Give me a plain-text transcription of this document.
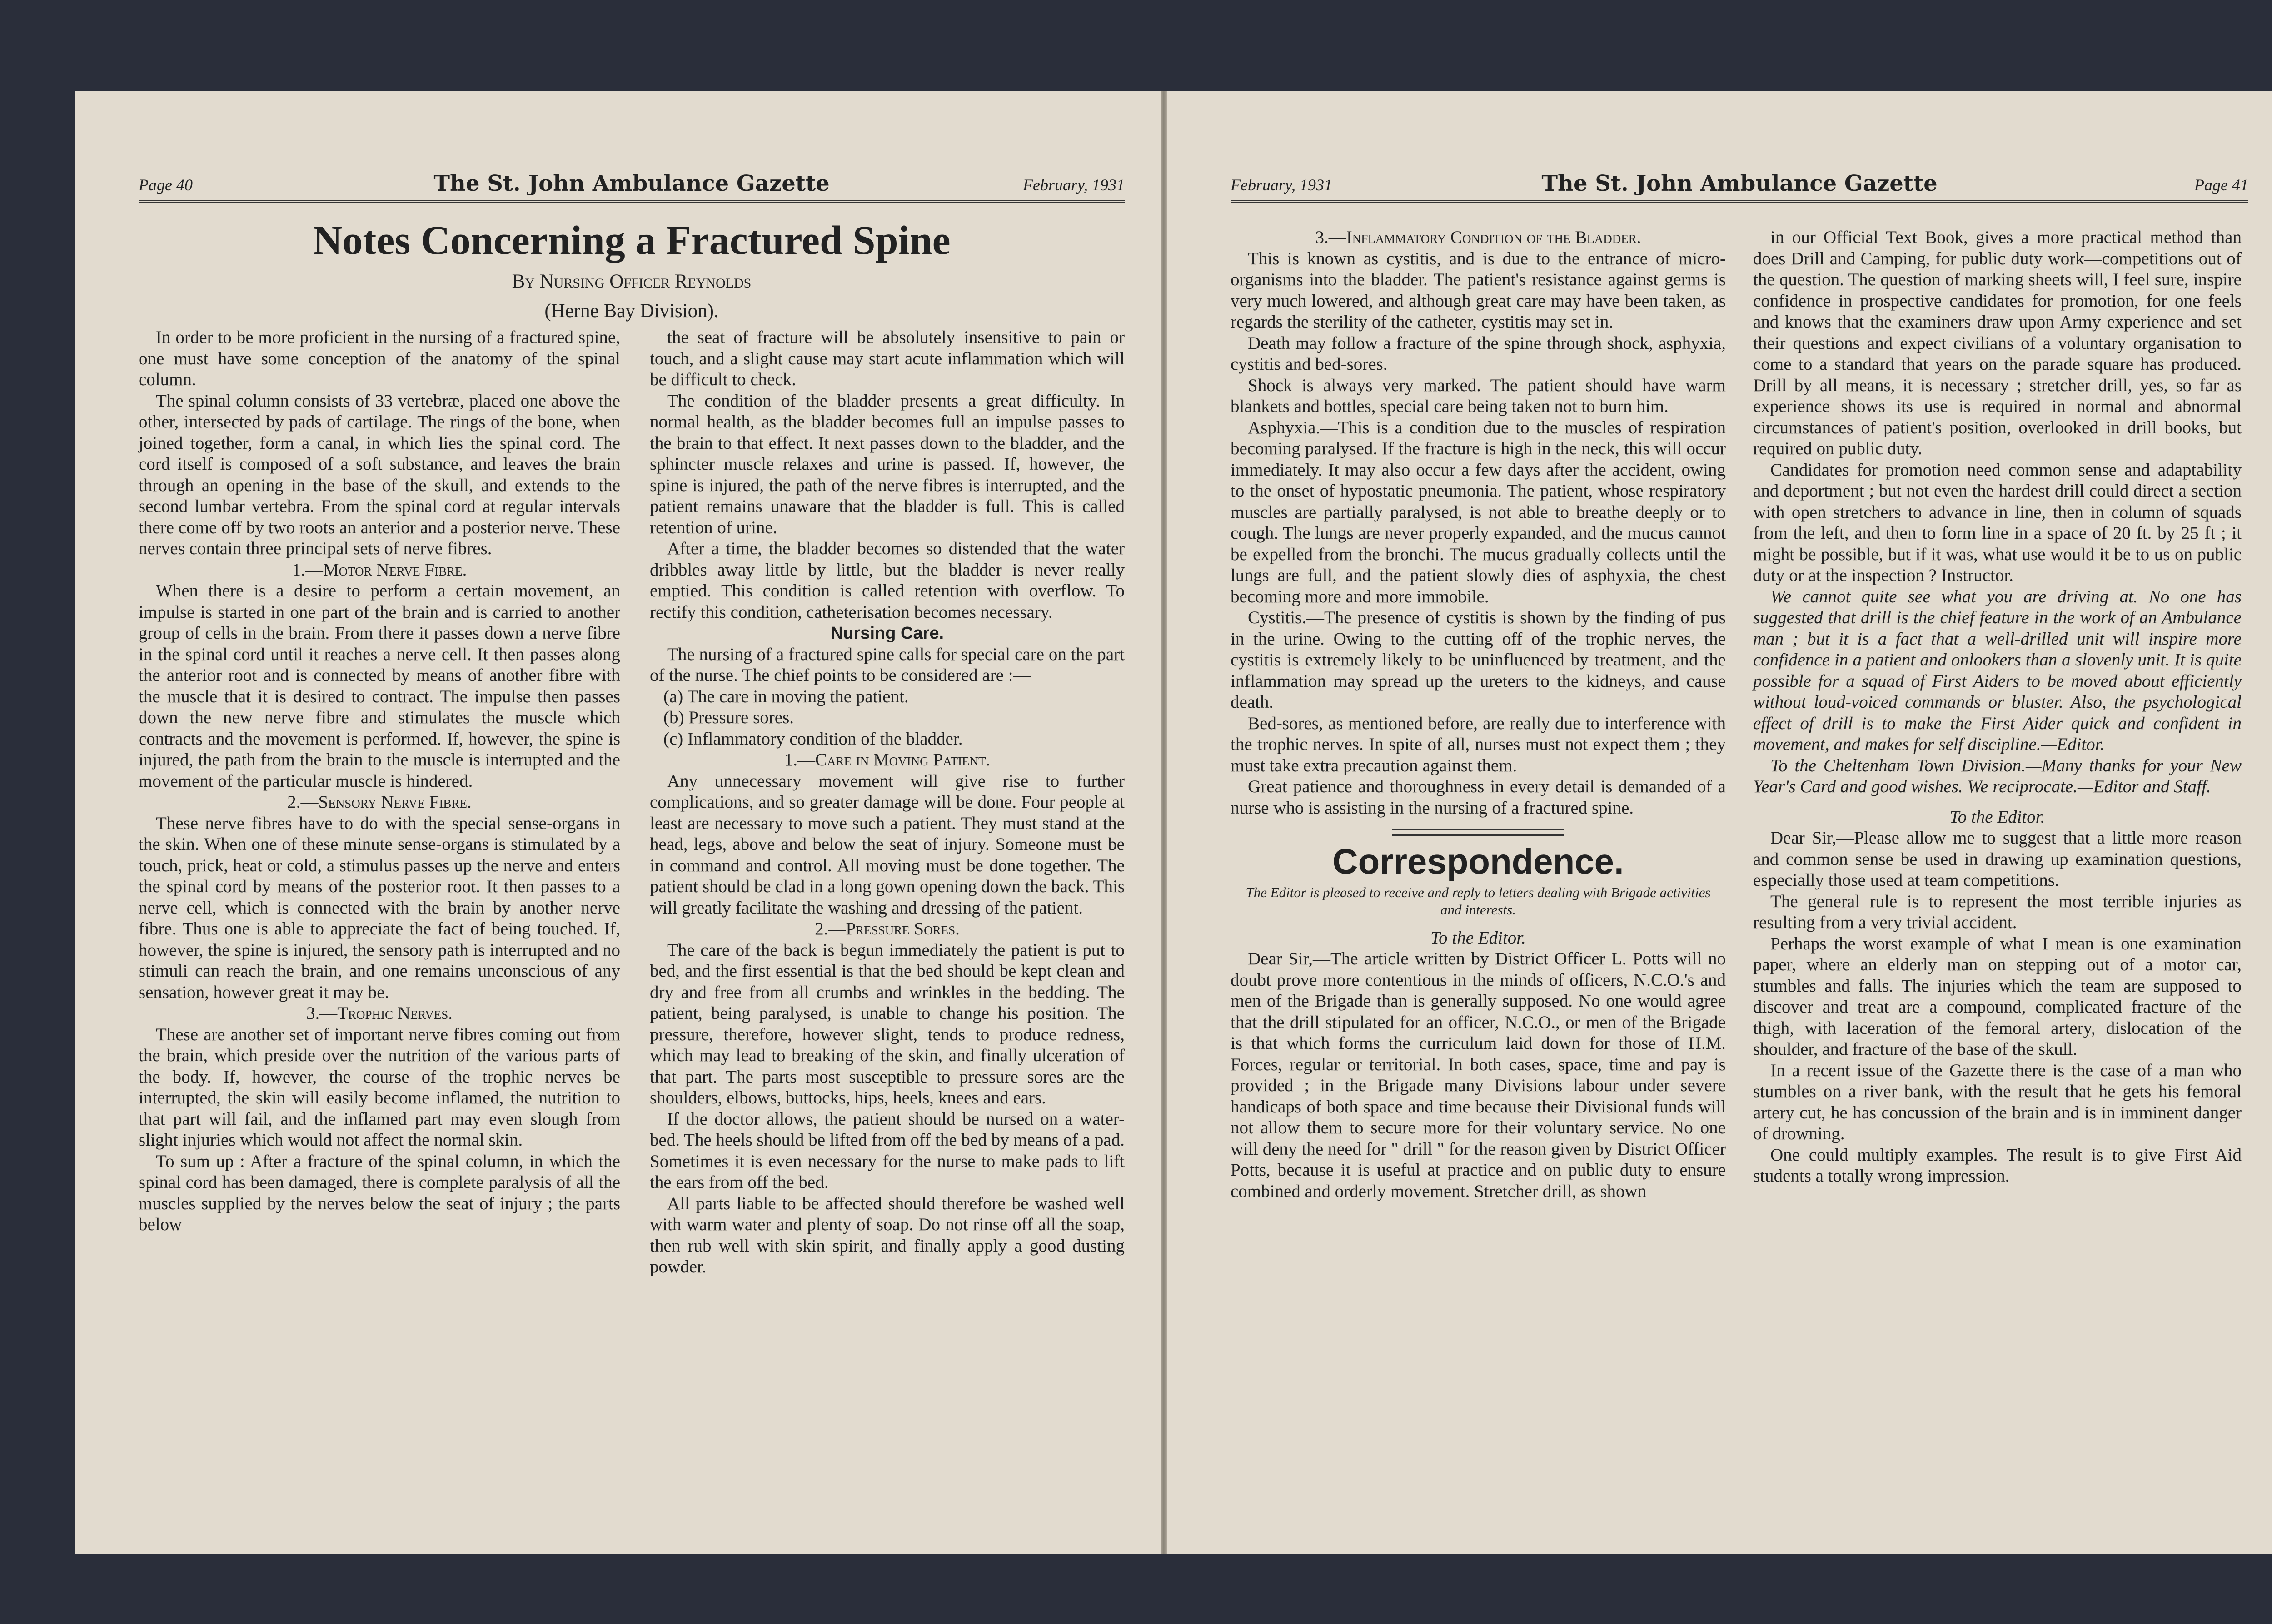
Page 40	The St. John Ambulance Gazette	February, 1931
Notes Concerning a Fractured Spine
By Nursing Officer Reynolds
(Herne Bay Division).

In order to be more proficient in the nursing of a fractured spine, one must have some conception of the anatomy of the spinal column.

The spinal column consists of 33 vertebræ, placed one above the other, intersected by pads of cartilage. The rings of the bone, when joined together, form a canal, in which lies the spinal cord. The cord itself is composed of a soft substance, and leaves the brain through an opening in the base of the skull, and extends to the second lumbar vertebra. From the spinal cord at regular intervals there come off by two roots an anterior and a posterior nerve. These nerves contain three principal sets of nerve fibres.

1.—Motor Nerve Fibre.

When there is a desire to perform a certain movement, an impulse is started in one part of the brain and is carried to another group of cells in the brain. From there it passes down a nerve fibre in the spinal cord until it reaches a nerve cell. It then passes along the anterior root and is connected by means of another fibre with the muscle that it is desired to contract. The impulse then passes down the new nerve fibre and stimulates the muscle which contracts and the movement is performed. If, however, the spine is injured, the path from the brain to the muscle is interrupted and the movement of the particular muscle is hindered.

2.—Sensory Nerve Fibre.

These nerve fibres have to do with the special sense-organs in the skin. When one of these minute sense-organs is stimulated by a touch, prick, heat or cold, a stimulus passes up the nerve and enters the spinal cord by means of the posterior root. It then passes to a nerve cell, which is connected with the brain by another nerve fibre. Thus one is able to appreciate the fact of being touched. If, however, the spine is injured, the sensory path is interrupted and no stimuli can reach the brain, and one remains unconscious of any sensation, however great it may be.

3.—Trophic Nerves.

These are another set of important nerve fibres coming out from the brain, which preside over the nutrition of the various parts of the body. If, however, the course of the trophic nerves be interrupted, the skin will easily become inflamed, the nutrition to that part will fail, and the inflamed part may even slough from slight injuries which would not affect the normal skin.

To sum up : After a fracture of the spinal column, in which the spinal cord has been damaged, there is complete paralysis of all the muscles supplied by the nerves below the seat of injury ; the parts below

the seat of fracture will be absolutely insensitive to pain or touch, and a slight cause may start acute inflammation which will be difficult to check.

The condition of the bladder presents a great difficulty. In normal health, as the bladder becomes full an impulse passes to the brain to that effect. It next passes down to the bladder, and the sphincter muscle relaxes and urine is passed. If, however, the spine is injured, the path of the nerve fibres is interrupted, and the patient remains unaware that the bladder is full. This is called retention of urine.

After a time, the bladder becomes so distended that the water dribbles away little by little, but the bladder is never really emptied. This condition is called retention with overflow. To rectify this condition, catheterisation becomes necessary.

Nursing Care.

The nursing of a fractured spine calls for special care on the part of the nurse. The chief points to be considered are :—

(a) The care in moving the patient.

(b) Pressure sores.

(c) Inflammatory condition of the bladder.

1.—Care in Moving Patient.

Any unnecessary movement will give rise to further complications, and so greater damage will be done. Four people at least are necessary to move such a patient. They must stand at the head, legs, above and below the seat of injury. Someone must be in command and control. All moving must be done together. The patient should be clad in a long gown opening down the back. This will greatly facilitate the washing and dressing of the patient.

2.—Pressure Sores.

The care of the back is begun immediately the patient is put to bed, and the first essential is that the bed should be kept clean and dry and free from all crumbs and wrinkles in the bedding. The patient, being paralysed, is unable to change his position. The pressure, therefore, however slight, tends to produce redness, which may lead to breaking of the skin, and finally ulceration of that part. The parts most susceptible to pressure sores are the shoulders, elbows, buttocks, hips, heels, knees and ears.

If the doctor allows, the patient should be nursed on a water-bed. The heels should be lifted from off the bed by means of a pad. Sometimes it is even necessary for the nurse to make pads to lift the ears from off the bed.

All parts liable to be affected should therefore be washed well with warm water and plenty of soap. Do not rinse off all the soap, then rub well with skin spirit, and finally apply a good dusting powder.

February, 1931	The St. John Ambulance Gazette	Page 41

3.—Inflammatory Condition of the Bladder.

This is known as cystitis, and is due to the entrance of micro-organisms into the bladder. The patient's resistance against germs is very much lowered, and although great care may have been taken, as regards the sterility of the catheter, cystitis may set in.

Death may follow a fracture of the spine through shock, asphyxia, cystitis and bed-sores.

Shock is always very marked. The patient should have warm blankets and bottles, special care being taken not to burn him.

Asphyxia.—This is a condition due to the muscles of respiration becoming paralysed. If the fracture is high in the neck, this will occur immediately. It may also occur a few days after the accident, owing to the onset of hypostatic pneumonia. The patient, whose respiratory muscles are partially paralysed, is not able to breathe deeply or to cough. The lungs are never properly expanded, and the mucus cannot be expelled from the bronchi. The mucus gradually collects until the lungs are full, and the patient slowly dies of asphyxia, the chest becoming more and more immobile.

Cystitis.—The presence of cystitis is shown by the finding of pus in the urine. Owing to the cutting off of the trophic nerves, the cystitis is extremely likely to be uninfluenced by treatment, and the inflammation may spread up the ureters to the kidneys, and cause death.

Bed-sores, as mentioned before, are really due to interference with the trophic nerves. In spite of all, nurses must not expect them ; they must take extra precaution against them.

Great patience and thoroughness in every detail is demanded of a nurse who is assisting in the nursing of a fractured spine.

Correspondence.
The Editor is pleased to receive and reply to letters dealing with Brigade activities and interests.

To the Editor.

Dear Sir,—The article written by District Officer L. Potts will no doubt prove more contentious in the minds of officers, N.C.O.'s and men of the Brigade than is generally supposed. No one would agree that the drill stipulated for an officer, N.C.O., or men of the Brigade is that which forms the curriculum laid down for those of H.M. Forces, regular or territorial. In both cases, space, time and pay is provided ; in the Brigade many Divisions labour under severe handicaps of both space and time because their Divisional funds will not allow them to secure more for their voluntary service. No one will deny the need for " drill " for the reason given by District Officer Potts, because it is useful at practice and on public duty to ensure combined and orderly movement. Stretcher drill, as shown

in our Official Text Book, gives a more practical method than does Drill and Camping, for public duty work—competitions out of the question. The question of marking sheets will, I feel sure, inspire confidence in prospective candidates for promotion, for one feels and knows that the examiners draw upon Army experience and set their questions and expect civilians of a voluntary organisation to come to a standard that years on the parade square has produced. Drill by all means, it is necessary ; stretcher drill, yes, so far as experience shows its use is required in normal and abnormal circumstances of patient's position, overlooked in drill books, but required on public duty.

Candidates for promotion need common sense and adaptability and deportment ; but not even the hardest drill could direct a section with open stretchers to advance in line, then in column of squads from the left, and then to form line in a space of 20 ft. by 25 ft ; it might be possible, but if it was, what use would it be to us on public duty or at the inspection ? Instructor.

We cannot quite see what you are driving at. No one has suggested that drill is the chief feature in the work of an Ambulance man ; but it is a fact that a well-drilled unit will inspire more confidence in a patient and onlookers than a slovenly unit. It is quite possible for a squad of First Aiders to be moved about efficiently without loud-voiced commands or bluster. Also, the psychological effect of drill is to make the First Aider quick and confident in movement, and makes for self discipline.—Editor.

To the Cheltenham Town Division.—Many thanks for your New Year's Card and good wishes. We reciprocate.—Editor and Staff.

To the Editor.

Dear Sir,—Please allow me to suggest that a little more reason and common sense be used in drawing up examination questions, especially those used at team competitions.

The general rule is to represent the most terrible injuries as resulting from a very trivial accident.

Perhaps the worst example of what I mean is one examination paper, where an elderly man on stepping out of a motor car, stumbles and falls. The injuries which the team are supposed to discover and treat are a compound, complicated fracture of the thigh, with laceration of the femoral artery, dislocation of the shoulder, and fracture of the base of the skull.

In a recent issue of the Gazette there is the case of a man who stumbles on a river bank, with the result that he gets his femoral artery cut, he has concussion of the brain and is in imminent danger of drowning.

One could multiply examples. The result is to give First Aid students a totally wrong impression.
